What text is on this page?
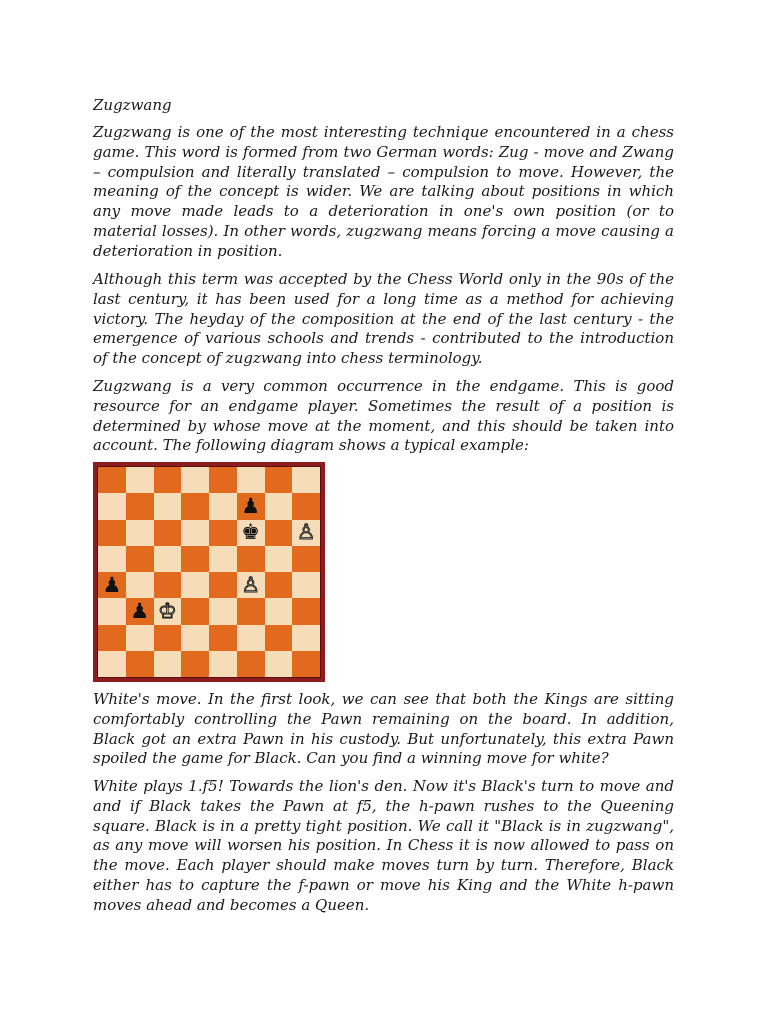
Zugzwang
Zugzwang is one of the most interesting technique encountered in a chess game. This word is formed from two German words: Zug - move and Zwang – compulsion and literally translated – compulsion to move. However, the meaning of the concept is wider. We are talking about positions in which any move made leads to a deterioration in one's own position (or to material losses). In other words, zugzwang means forcing a move causing a deterioration in position.
Although this term was accepted by the Chess World only in the 90s of the last century, it has been used for a long time as a method for achieving victory. The heyday of the composition at the end of the last century - the emergence of various schools and trends - contributed to the introduction of the concept of zugzwang into chess terminology.
Zugzwang is a very common occurrence in the endgame. This is good resource for an endgame player. Sometimes the result of a position is determined by whose move at the moment, and this should be taken into account. The following diagram shows a typical example:
♟
♚ ♙
♟	♙
♟ ♔
White's move. In the first look, we can see that both the Kings are sitting comfortably controlling the Pawn remaining on the board. In addition, Black got an extra Pawn in his custody. But unfortunately, this extra Pawn spoiled the game for Black. Can you find a winning move for white?
White plays 1.f5! Towards the lion's den. Now it's Black's turn to move and and if Black takes the Pawn at f5, the h-pawn rushes to the Queening square. Black is in a pretty tight position. We call it "Black is in zugzwang", as any move will worsen his position. In Chess it is now allowed to pass on the move. Each player should make moves turn by turn. Therefore, Black either has to capture the f-pawn or move his King and the White h-pawn moves ahead and becomes a Queen.
